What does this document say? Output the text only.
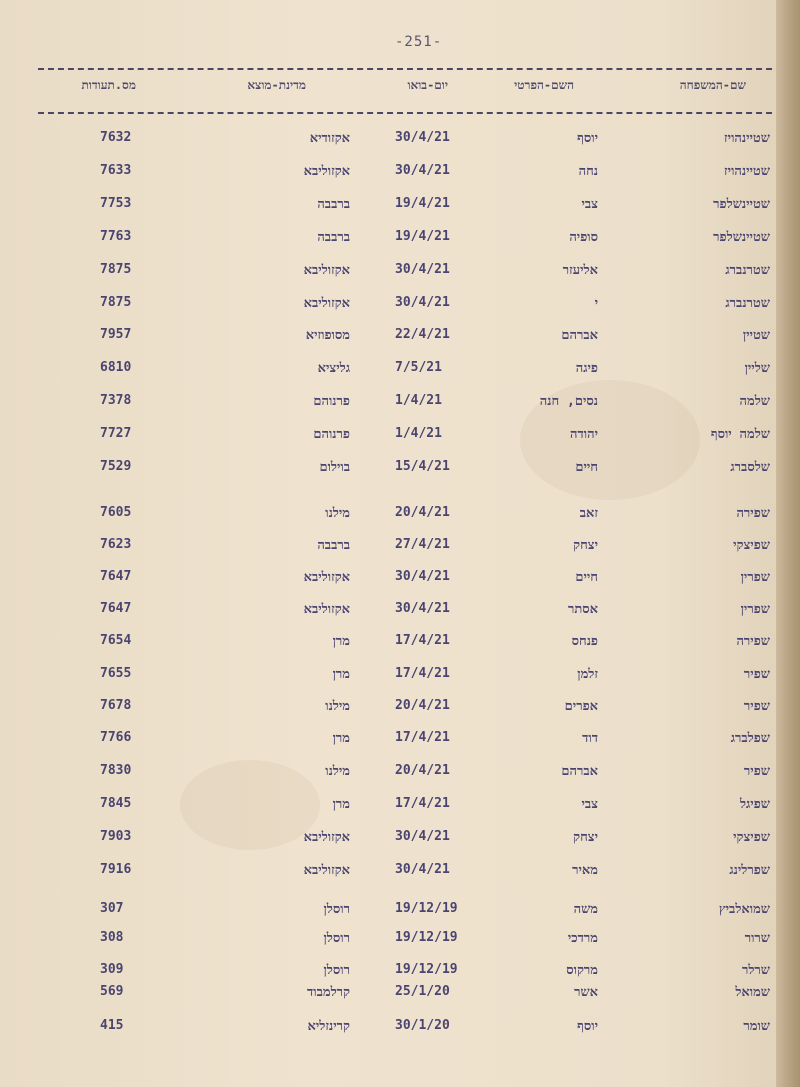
-251-
שם-המשפחה
השם-הפרטי
יום-בואו
מדינת-מוצא
מס.תעודות
שטיינהויז
יוסף
30/4/21
אקזודיא
7632
שטיינהויז
נחה
30/4/21
אקזוליבא
7633
שטיינשלפר
צבי
19/4/21
ברבבה
7753
שטיינשלפר
סופיה
19/4/21
ברבבה
7763
שטרנברג
אליעזר
30/4/21
אקזוליבא
7875
שטרנברג
י
30/4/21
אקזוליבא
7875
שטיין
אברהם
22/4/21
מסופוזיא
7957
שליין
פיגה
7/5/21
גליציא
6810
שלמה
נסים, חנה
1/4/21
פרנוהם
7378
שלמה יוסף
יהודה
1/4/21
פרנוהם
7727
שלסברג
חיים
15/4/21
בוילום
7529
שפירה
זאב
20/4/21
מילנו
7605
שפיצקי
יצחק
27/4/21
ברבבה
7623
שפרין
חיים
30/4/21
אקזוליבא
7647
שפרין
אסתר
30/4/21
אקזוליבא
7647
שפירה
פנחס
17/4/21
מרן
7654
שפיר
זלמן
17/4/21
מרן
7655
שפיר
אפרים
20/4/21
מילנו
7678
שפלברג
דוד
17/4/21
מרן
7766
שפיר
אברהם
20/4/21
מילנו
7830
שפיגל
צבי
17/4/21
מרן
7845
שפיצקי
יצחק
30/4/21
אקזוליבא
7903
שפרלינג
מאיר
30/4/21
אקזוליבא
7916
שמואלביץ
משה
19/12/19
רוסלן
307
שרור
מרדכי
19/12/19
רוסלן
308
שרלר
מרקוס
19/12/19
רוסלן
309
שמואל
אשר
25/1/20
קרלמבוד
569
שומר
יוסף
30/1/20
קרינזליא
415
